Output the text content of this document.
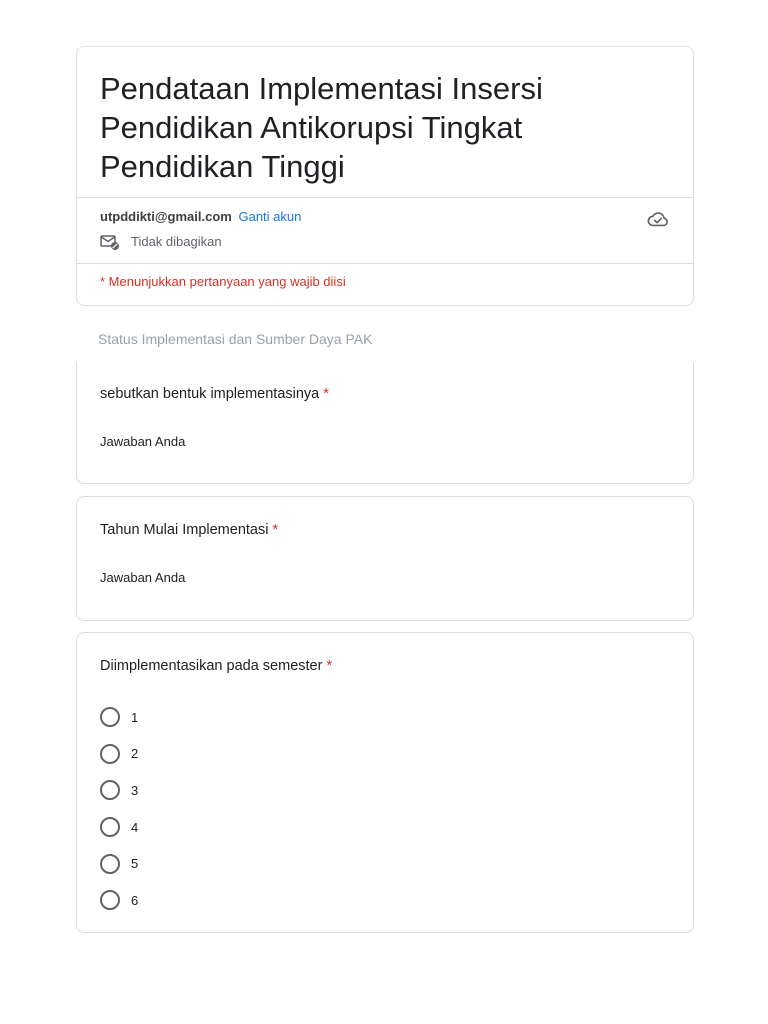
Pendataan Implementasi Insersi Pendidikan Antikorupsi Tingkat Pendidikan Tinggi
utpddikti@gmail.com Ganti akun
Tidak dibagikan
* Menunjukkan pertanyaan yang wajib diisi
Status Implementasi dan Sumber Daya PAK
sebutkan bentuk implementasinya *
Jawaban Anda
Tahun Mulai Implementasi *
Jawaban Anda
Diimplementasikan pada semester *
1
2
3
4
5
6
